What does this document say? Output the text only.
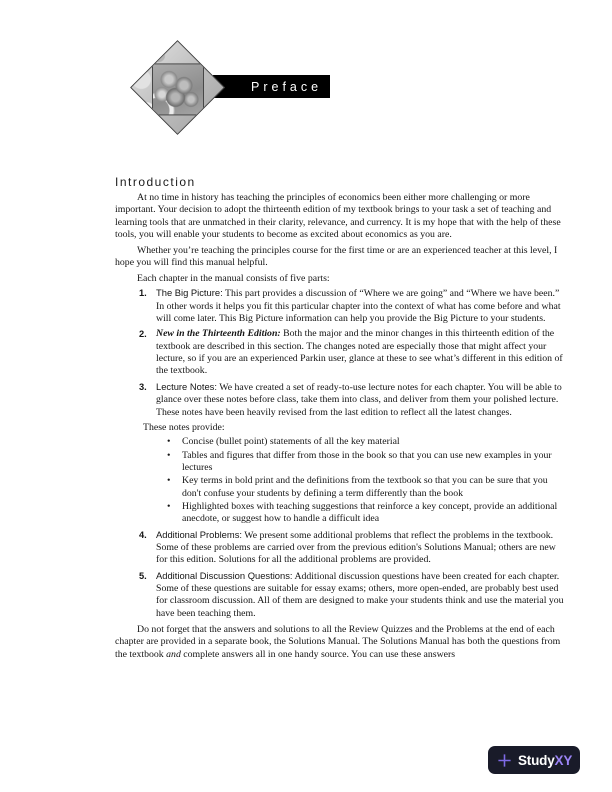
Preface
Introduction

At no time in history has teaching the principles of economics been either more challenging or more important. Your decision to adopt the thirteenth edition of my textbook brings to your task a set of teaching and learning tools that are unmatched in their clarity, relevance, and currency. It is my hope that with the help of these tools, you will enable your students to become as excited about economics as you are.

Whether you’re teaching the principles course for the first time or are an experienced teacher at this level, I hope you will find this manual helpful.

Each chapter in the manual consists of five parts:

1. The Big Picture: This part provides a discussion of “Where we are going” and “Where we have been.” In other words it helps you fit this particular chapter into the context of what has come before and what will come later. This Big Picture information can help you provide the Big Picture to your students.
2. New in the Thirteenth Edition: Both the major and the minor changes in this thirteenth edition of the textbook are described in this section. The changes noted are especially those that might affect your lecture, so if you are an experienced Parkin user, glance at these to see what’s different in this edition of the textbook.
3. Lecture Notes: We have created a set of ready-to-use lecture notes for each chapter. You will be able to glance over these notes before class, take them into class, and deliver from them your polished lecture. These notes have been heavily revised from the last edition to reflect all the latest changes.

These notes provide:

• Concise (bullet point) statements of all the key material
• Tables and figures that differ from those in the book so that you can use new examples in your lectures
• Key terms in bold print and the definitions from the textbook so that you can be sure that you don't confuse your students by defining a term differently than the book
• Highlighted boxes with teaching suggestions that reinforce a key concept, provide an additional anecdote, or suggest how to handle a difficult idea
4. Additional Problems: We present some additional problems that reflect the problems in the textbook. Some of these problems are carried over from the previous edition's Solutions Manual; others are new for this edition. Solutions for all the additional problems are provided.
5. Additional Discussion Questions: Additional discussion questions have been created for each chapter. Some of these questions are suitable for essay exams; others, more open-ended, are probably best used for classroom discussion. All of them are designed to make your students think and use the material you have been teaching them.

Do not forget that the answers and solutions to all the Review Quizzes and the Problems at the end of each chapter are provided in a separate book, the Solutions Manual. The Solutions Manual has both the questions from the textbook and complete answers all in one handy source. You can use these answers

StudyXY
